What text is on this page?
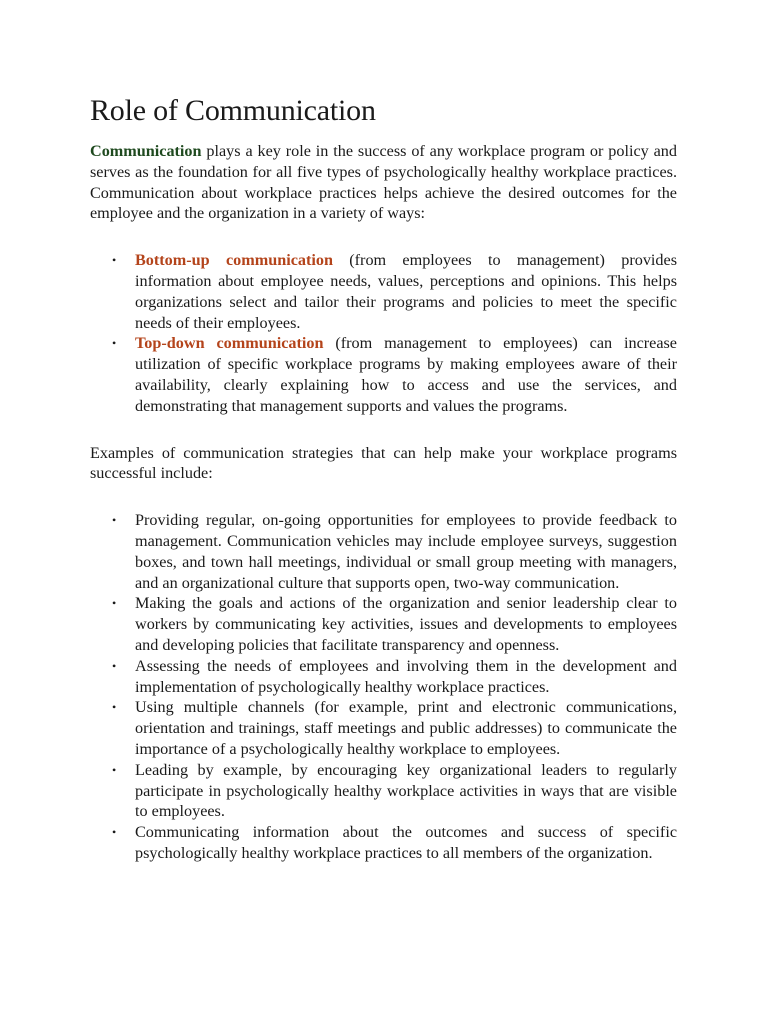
Role of Communication

Communication plays a key role in the success of any workplace program or policy and serves as the foundation for all five types of psychologically healthy workplace practices. Communication about workplace practices helps achieve the desired outcomes for the employee and the organization in a variety of ways:

• Bottom-up communication (from employees to management) provides information about employee needs, values, perceptions and opinions. This helps organizations select and tailor their programs and policies to meet the specific needs of their employees.
• Top-down communication (from management to employees) can increase utilization of specific workplace programs by making employees aware of their availability, clearly explaining how to access and use the services, and demonstrating that management supports and values the programs.

Examples of communication strategies that can help make your workplace programs successful include:

• Providing regular, on-going opportunities for employees to provide feedback to management. Communication vehicles may include employee surveys, suggestion boxes, and town hall meetings, individual or small group meeting with managers, and an organizational culture that supports open, two-way communication.
• Making the goals and actions of the organization and senior leadership clear to workers by communicating key activities, issues and developments to employees and developing policies that facilitate transparency and openness.
• Assessing the needs of employees and involving them in the development and implementation of psychologically healthy workplace practices.
• Using multiple channels (for example, print and electronic communications, orientation and trainings, staff meetings and public addresses) to communicate the importance of a psychologically healthy workplace to employees.
• Leading by example, by encouraging key organizational leaders to regularly participate in psychologically healthy workplace activities in ways that are visible to employees.
• Communicating information about the outcomes and success of specific psychologically healthy workplace practices to all members of the organization.
